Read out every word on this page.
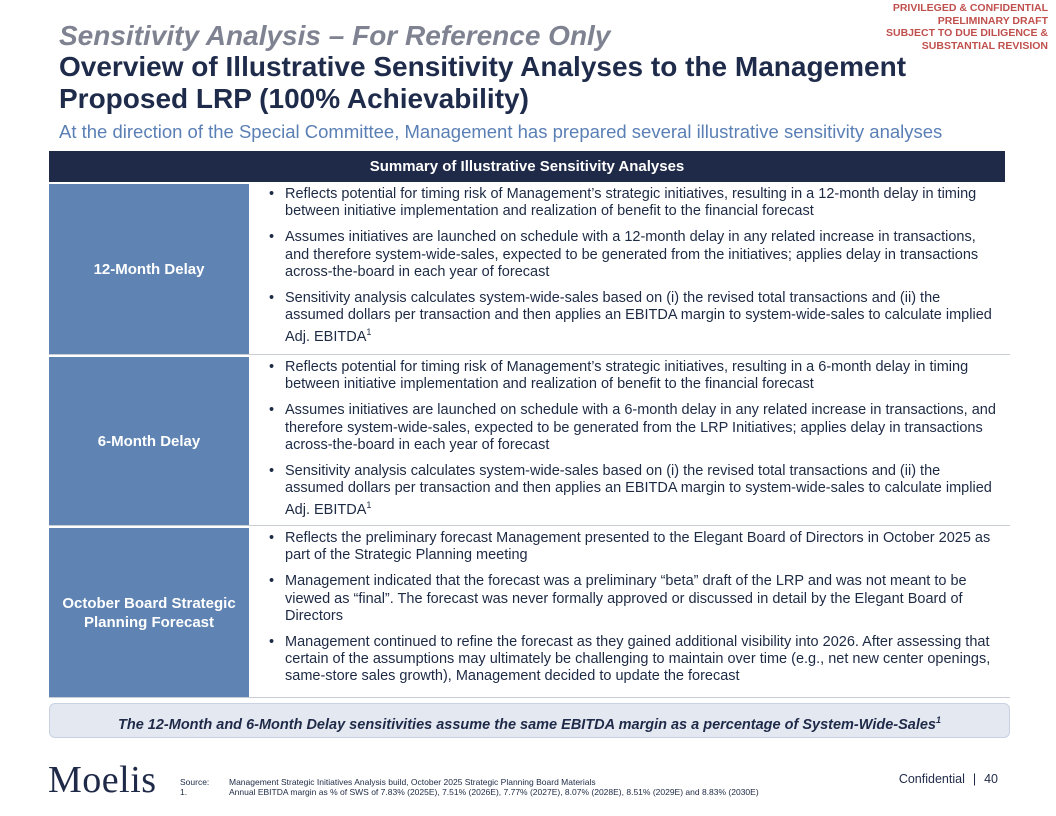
PRIVILEGED & CONFIDENTIAL
PRELIMINARY DRAFT
SUBJECT TO DUE DILIGENCE &
SUBSTANTIAL REVISION
Sensitivity Analysis – For Reference Only
Overview of Illustrative Sensitivity Analyses to the Management Proposed LRP (100% Achievability)
At the direction of the Special Committee, Management has prepared several illustrative sensitivity analyses
Summary of Illustrative Sensitivity Analyses
12-Month Delay
• Reflects potential for timing risk of Management’s strategic initiatives, resulting in a 12-month delay in timing between initiative implementation and realization of benefit to the financial forecast
• Assumes initiatives are launched on schedule with a 12-month delay in any related increase in transactions, and therefore system-wide-sales, expected to be generated from the initiatives; applies delay in transactions across-the-board in each year of forecast
• Sensitivity analysis calculates system-wide-sales based on (i) the revised total transactions and (ii) the assumed dollars per transaction and then applies an EBITDA margin to system-wide-sales to calculate implied Adj. EBITDA$^1$
6-Month Delay
• Reflects potential for timing risk of Management’s strategic initiatives, resulting in a 6-month delay in timing between initiative implementation and realization of benefit to the financial forecast
• Assumes initiatives are launched on schedule with a 6-month delay in any related increase in transactions, and therefore system-wide-sales, expected to be generated from the LRP Initiatives; applies delay in transactions across-the-board in each year of forecast
• Sensitivity analysis calculates system-wide-sales based on (i) the revised total transactions and (ii) the assumed dollars per transaction and then applies an EBITDA margin to system-wide-sales to calculate implied Adj. EBITDA$^1$
October Board Strategic Planning Forecast
• Reflects the preliminary forecast Management presented to the Elegant Board of Directors in October 2025 as part of the Strategic Planning meeting
• Management indicated that the forecast was a preliminary “beta” draft of the LRP and was not meant to be viewed as “final”. The forecast was never formally approved or discussed in detail by the Elegant Board of Directors
• Management continued to refine the forecast as they gained additional visibility into 2026. After assessing that certain of the assumptions may ultimately be challenging to maintain over time (e.g., net new center openings, same-store sales growth), Management decided to update the forecast
The 12-Month and 6-Month Delay sensitivities assume the same EBITDA margin as a percentage of System-Wide-Sales$^1$
Moelis	Source: Management Strategic Initiatives Analysis build, October 2025 Strategic Planning Board Materials
1.	Annual EBITDA margin as % of SWS of 7.83% (2025E), 7.51% (2026E), 7.77% (2027E), 8.07% (2028E), 8.51% (2029E) and 8.83% (2030E)
Confidential | 40
